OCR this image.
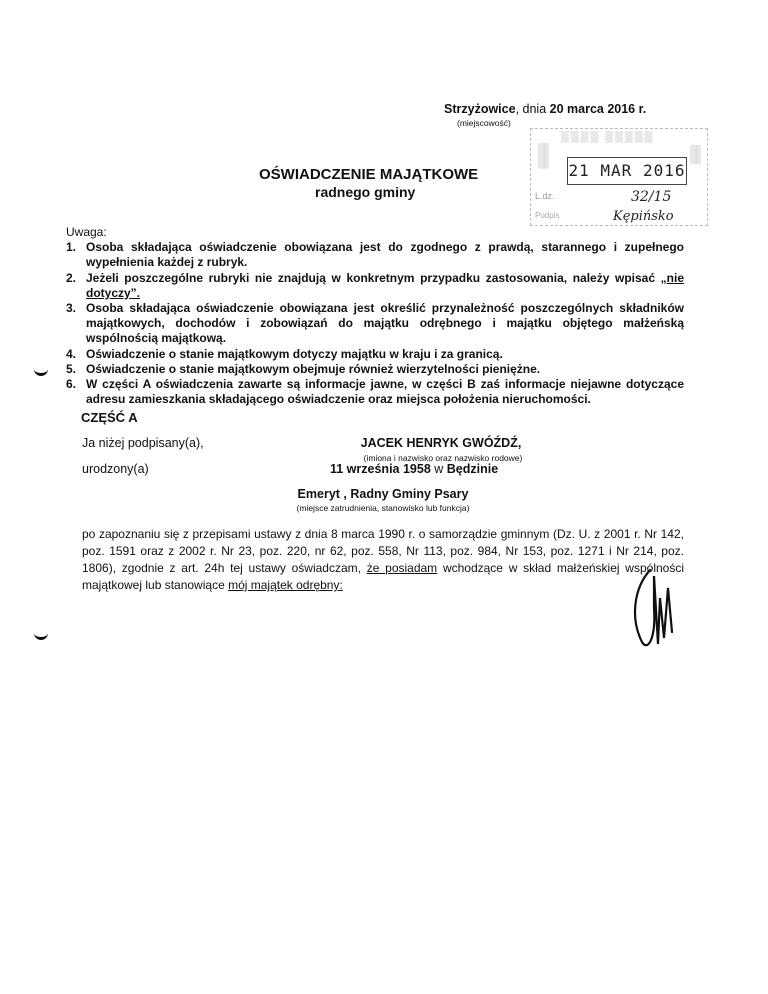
Strzyżowice, dnia 20 marca 2016 r.
(miejscowość)
OŚWIADCZENIE MAJĄTKOWE
radnego gminy
▒▒▒▒ ▒▒▒▒▒
▒▒▒▒	▒▒▒
21 MAR 2016
L.dz.	32/15
Podpis	Kępińsko
Uwaga:
1. Osoba składająca oświadczenie obowiązana jest do zgodnego z prawdą, starannego i zupełnego wypełnienia każdej z rubryk.
2. Jeżeli poszczególne rubryki nie znajdują w konkretnym przypadku zastosowania, należy wpisać „nie dotyczy”.
3. Osoba składająca oświadczenie obowiązana jest określić przynależność poszczególnych składników majątkowych, dochodów i zobowiązań do majątku odrębnego i majątku objętego małżeńską wspólnością majątkową.
4. Oświadczenie o stanie majątkowym dotyczy majątku w kraju i za granicą.
5. Oświadczenie o stanie majątkowym obejmuje również wierzytelności pieniężne.
6. W części A oświadczenia zawarte są informacje jawne, w części B zaś informacje niejawne dotyczące adresu zamieszkania składającego oświadczenie oraz miejsca położenia nieruchomości.
CZĘŚĆ A
Ja niżej podpisany(a),	JACEK HENRYK GWÓŹDŹ,
(imiona i nazwisko oraz nazwisko rodowe)
urodzony(a)	11 września 1958 w Będzinie
Emeryt , Radny Gminy Psary
(miejsce zatrudnienia, stanowisko lub funkcja)
po zapoznaniu się z przepisami ustawy z dnia 8 marca 1990 r. o samorządzie gminnym (Dz. U. z 2001 r. Nr 142, poz. 1591 oraz z 2002 r. Nr 23, poz. 220, nr 62, poz. 558, Nr 113, poz. 984, Nr 153, poz. 1271 i Nr 214, poz. 1806), zgodnie z art. 24h tej ustawy oświadczam, że posiadam wchodzące w skład małżeńskiej wspólności majątkowej lub stanowiące mój majątek odrębny:
